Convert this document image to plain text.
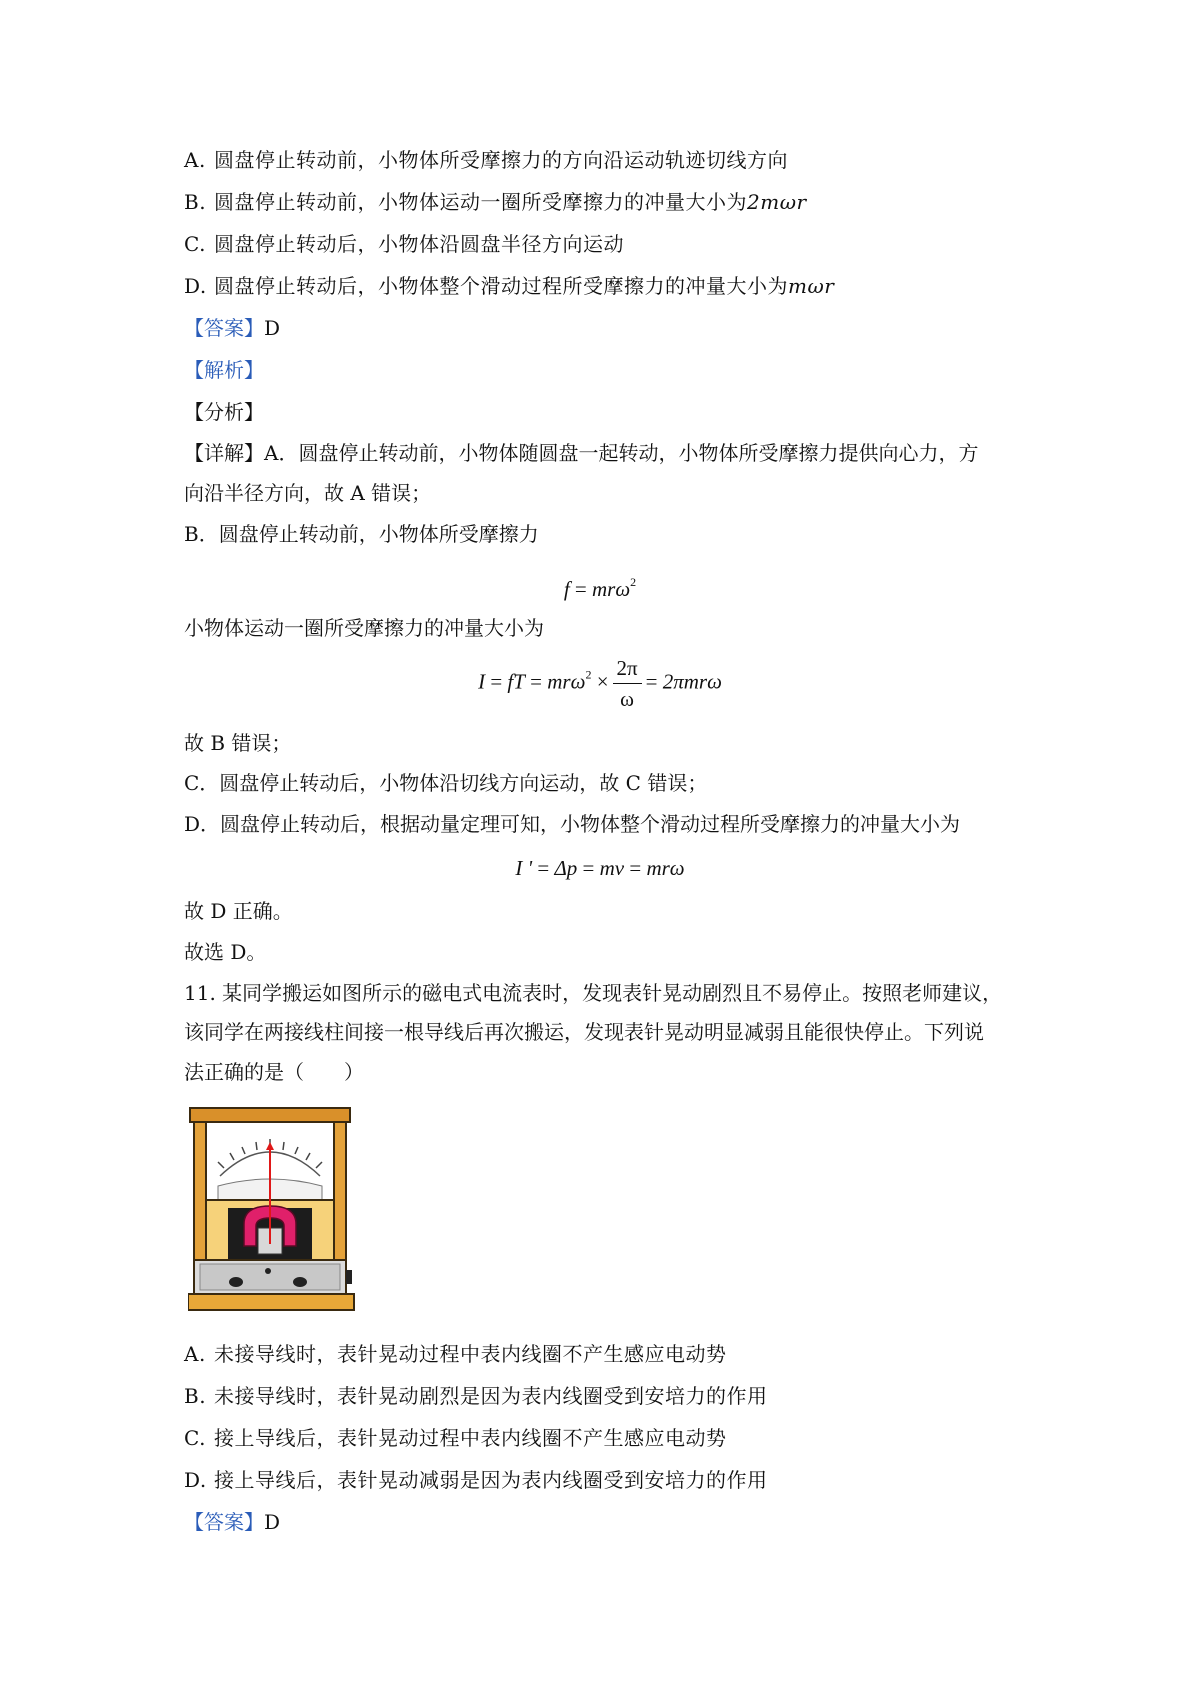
A. 圆盘停止转动前，小物体所受摩擦力的方向沿运动轨迹切线方向
B. 圆盘停止转动前，小物体运动一圈所受摩擦力的冲量大小为2mωr
C. 圆盘停止转动后，小物体沿圆盘半径方向运动
D. 圆盘停止转动后，小物体整个滑动过程所受摩擦力的冲量大小为mωr
【答案】D
【解析】
【分析】
【详解】A．圆盘停止转动前，小物体随圆盘一起转动，小物体所受摩擦力提供向心力，方
向沿半径方向，故 A 错误；
B．圆盘停止转动前，小物体所受摩擦力
f = mrω$^2$
小物体运动一圈所受摩擦力的冲量大小为
I = fT = $mr\omega^2 \times \frac{2\pi}{\omega} = 2\pi mr\omega$
故 B 错误；
C．圆盘停止转动后，小物体沿切线方向运动，故 C 错误；
D．圆盘停止转动后，根据动量定理可知，小物体整个滑动过程所受摩擦力的冲量大小为
I ' = Δp = mv = mrω
故 D 正确。
故选 D。
11. 某同学搬运如图所示的磁电式电流表时，发现表针晃动剧烈且不易停止。按照老师建议，
该同学在两接线柱间接一根导线后再次搬运，发现表针晃动明显减弱且能很快停止。下列说
法正确的是（　　）
A. 未接导线时，表针晃动过程中表内线圈不产生感应电动势
B. 未接导线时，表针晃动剧烈是因为表内线圈受到安培力的作用
C. 接上导线后，表针晃动过程中表内线圈不产生感应电动势
D. 接上导线后，表针晃动减弱是因为表内线圈受到安培力的作用
【答案】D
